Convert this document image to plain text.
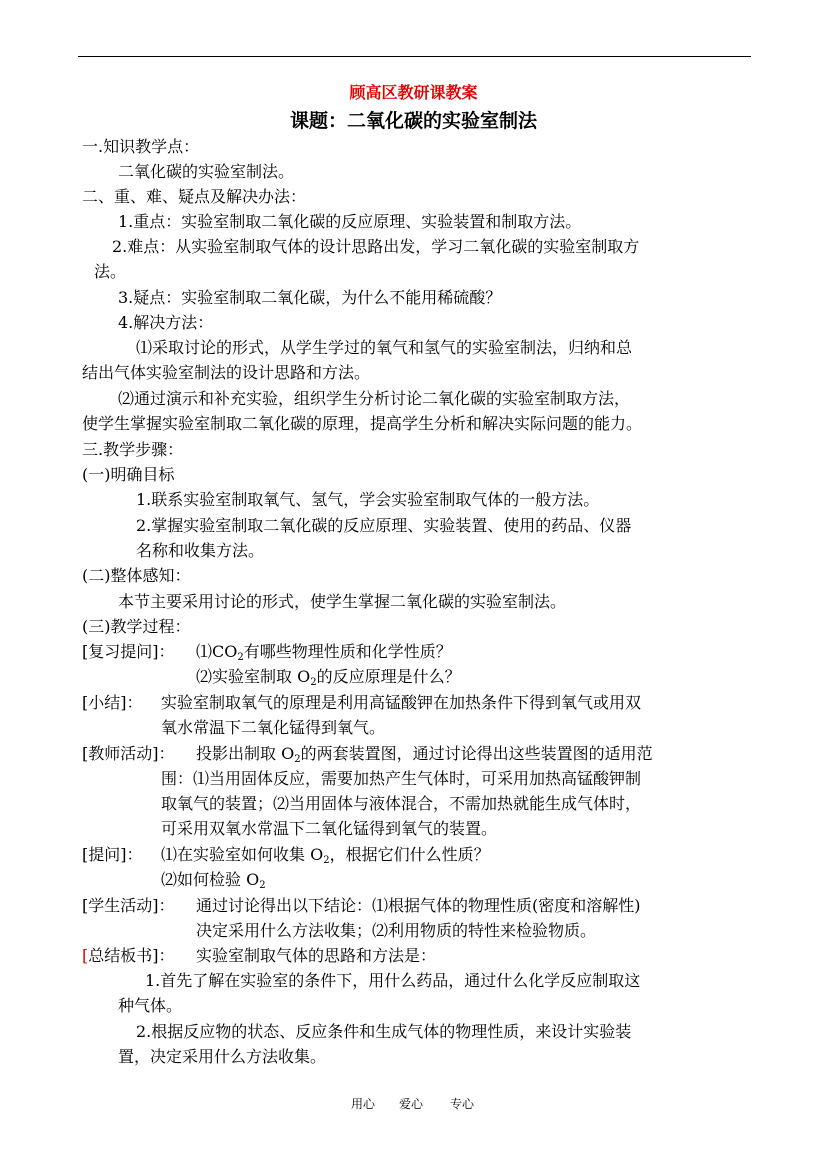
顾高区教研课教案
课题：二氧化碳的实验室制法
一.知识教学点：
二氧化碳的实验室制法。
二、重、难、疑点及解决办法：
1.重点：实验室制取二氧化碳的反应原理、实验装置和制取方法。
2.难点：从实验室制取气体的设计思路出发，学习二氧化碳的实验室制取方
法。
3.疑点：实验室制取二氧化碳，为什么不能用稀硫酸？
4.解决方法：
⑴采取讨论的形式，从学生学过的氧气和氢气的实验室制法，归纳和总
结出气体实验室制法的设计思路和方法。
⑵通过演示和补充实验，组织学生分析讨论二氧化碳的实验室制取方法，
使学生掌握实验室制取二氧化碳的原理，提高学生分析和解决实际问题的能力。
三.教学步骤：
(一)明确目标
1.联系实验室制取氧气、氢气，学会实验室制取气体的一般方法。
2.掌握实验室制取二氧化碳的反应原理、实验装置、使用的药品、仪器
名称和收集方法。
(二)整体感知：
本节主要采用讨论的形式，使学生掌握二氧化碳的实验室制法。
(三)教学过程：
[复习提问]： $⑴CO_2$有哪些物理性质和化学性质？
⑵实验室制取 $O_2$的反应原理是什么？
[小结]： 实验室制取氧气的原理是利用高锰酸钾在加热条件下得到氧气或用双
氧水常温下二氧化锰得到氧气。
[教师活动]： 投影出制取 $O_2$的两套装置图，通过讨论得出这些装置图的适用范
围：⑴当用固体反应，需要加热产生气体时，可采用加热高锰酸钾制
取氧气的装置；⑵当用固体与液体混合，不需加热就能生成气体时，
可采用双氧水常温下二氧化锰得到氧气的装置。
[提问]： ⑴在实验室如何收集 $O_2$，根据它们什么性质？
⑵如何检验 $O_2$
[学生活动]： 通过讨论得出以下结论：⑴根据气体的物理性质(密度和溶解性)
决定采用什么方法收集；⑵利用物质的特性来检验物质。
[总结板书]： 实验室制取气体的思路和方法是：
1.首先了解在实验室的条件下，用什么药品，通过什么化学反应制取这
种气体。
2.根据反应物的状态、反应条件和生成气体的物理性质，来设计实验装
置，决定采用什么方法收集。
用心 爱心 专心
